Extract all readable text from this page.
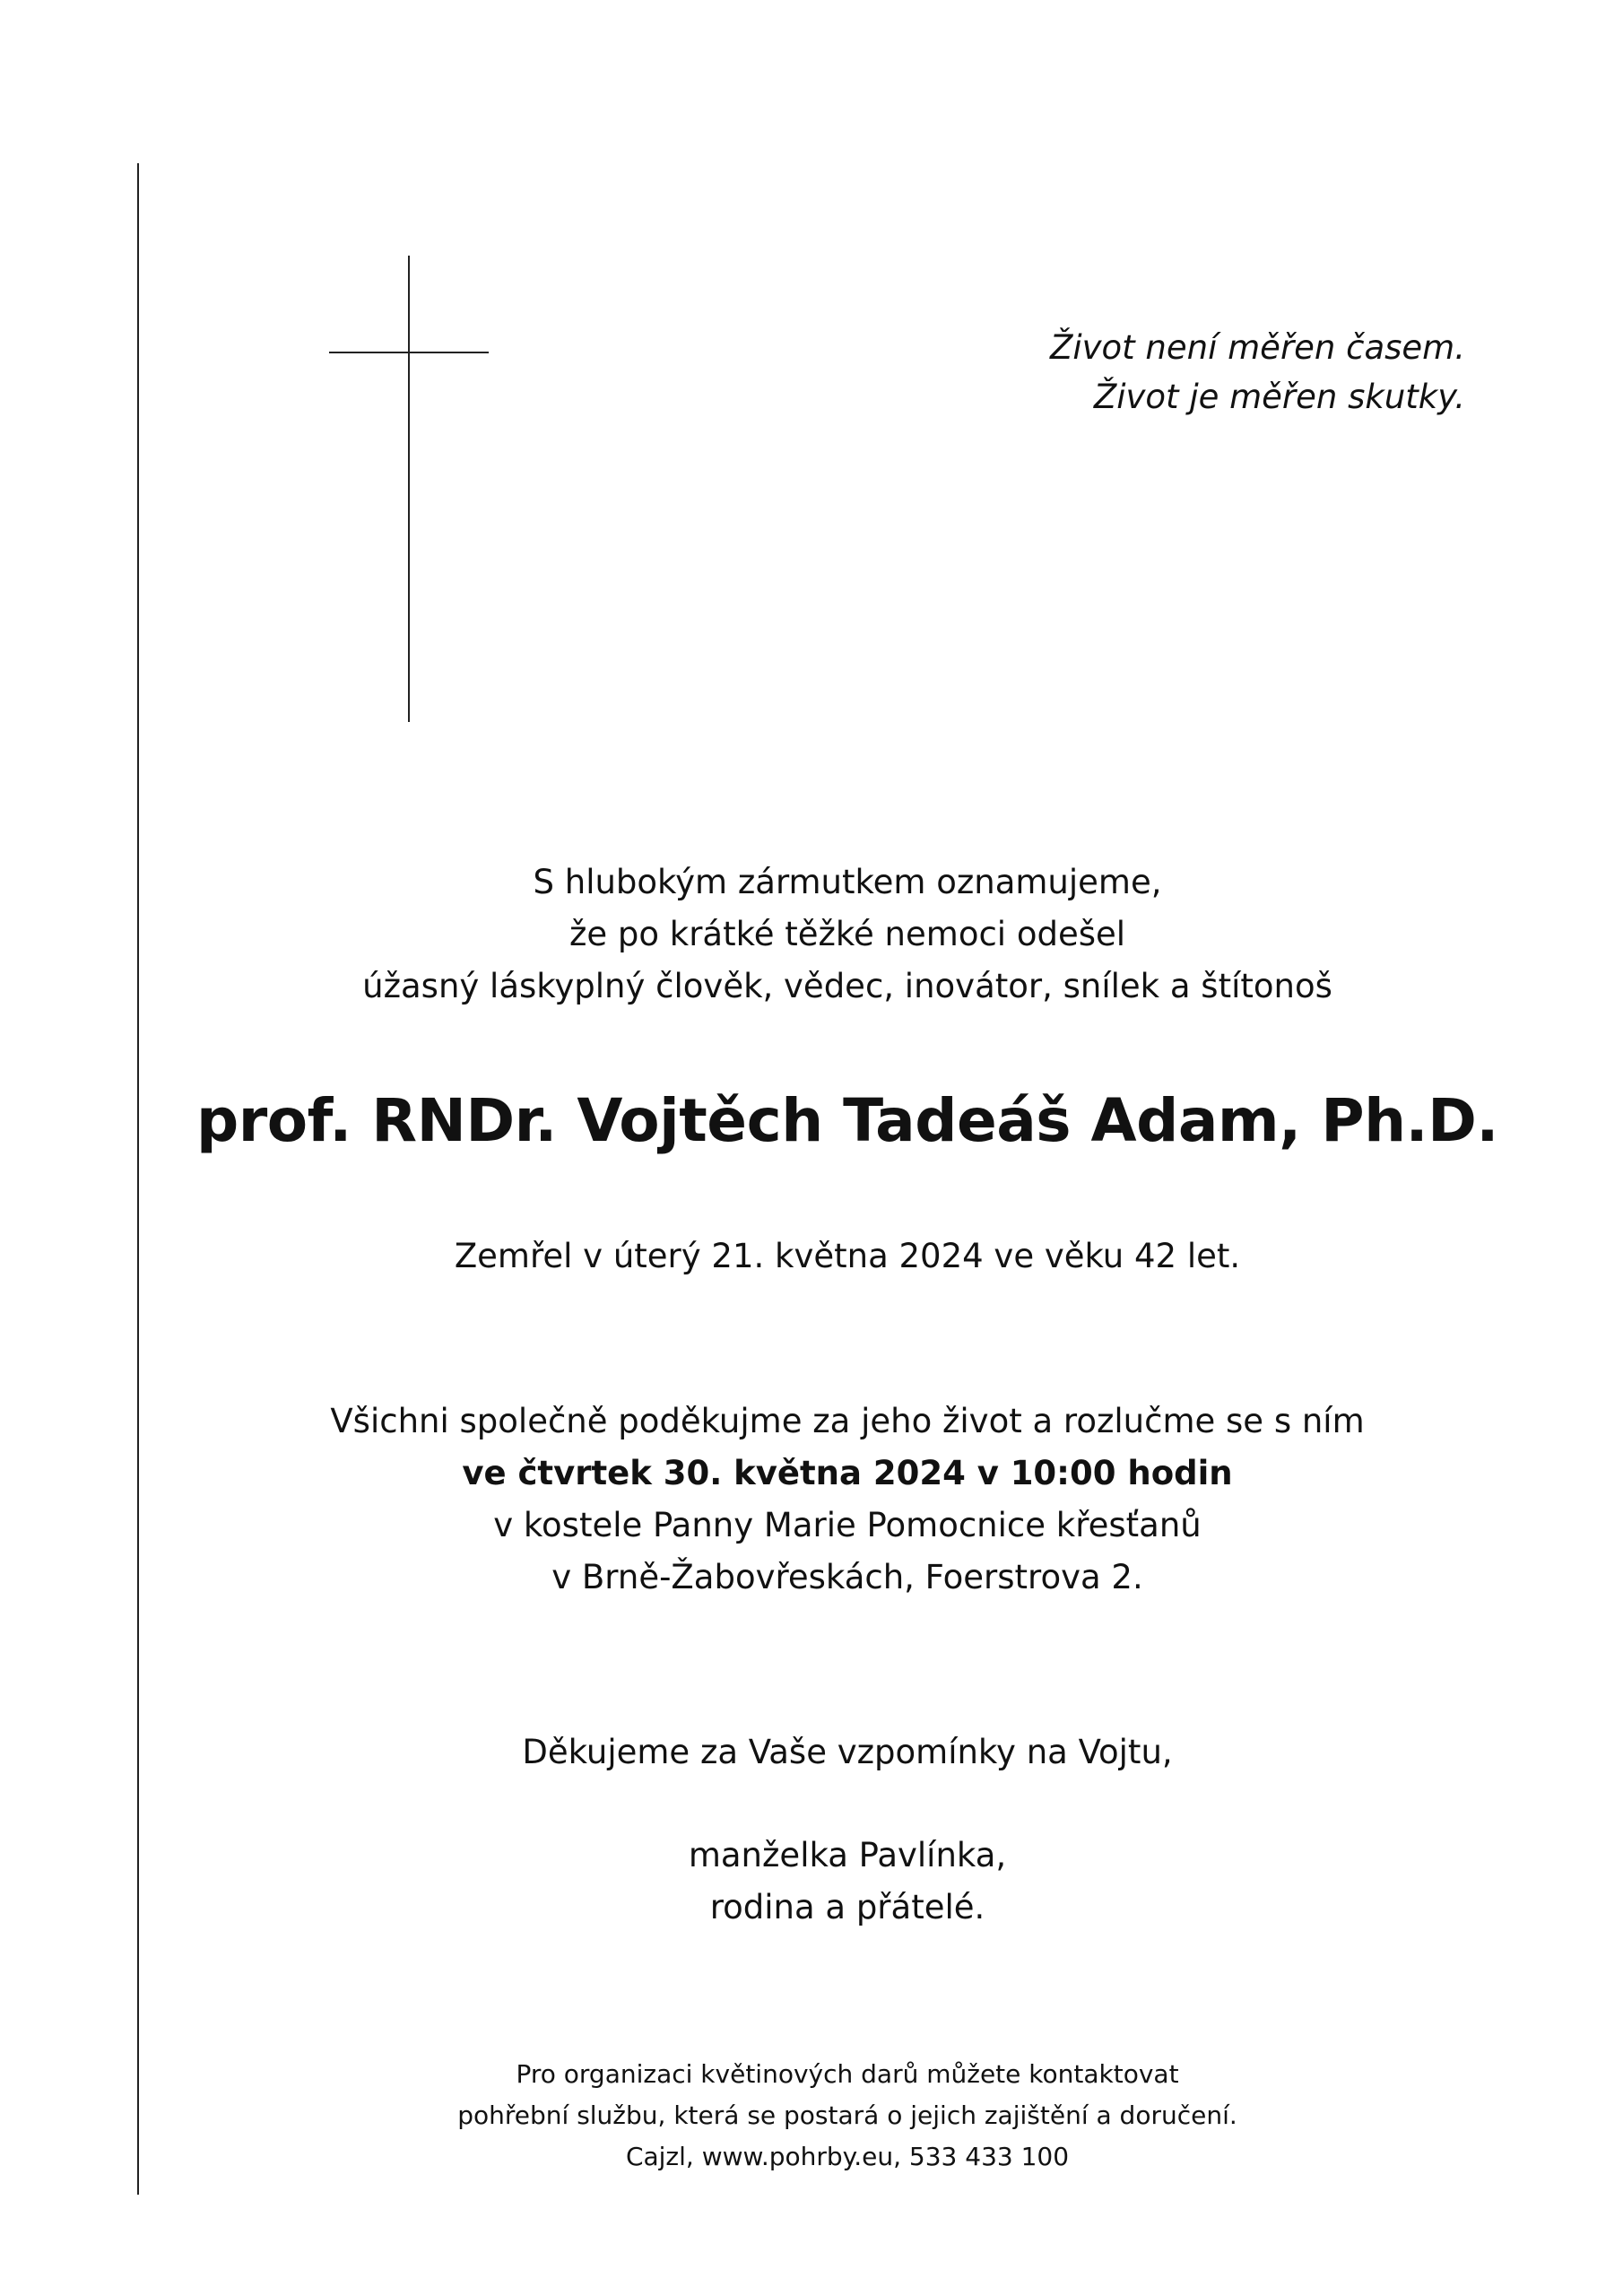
Život není měřen časem.
Život je měřen skutky.
S hlubokým zármutkem oznamujeme,
že po krátké těžké nemoci odešel
úžasný láskyplný člověk, vědec, inovátor, snílek a štítonoš
prof. RNDr. Vojtěch Tadeáš Adam, Ph.D.
Zemřel v úterý 21. května 2024 ve věku 42 let.
Všichni společně poděkujme za jeho život a rozlučme se s ním
ve čtvrtek 30. května 2024 v 10:00 hodin
v kostele Panny Marie Pomocnice křesťanů
v Brně-Žabovřeskách, Foerstrova 2.
Děkujeme za Vaše vzpomínky na Vojtu,
manželka Pavlínka,
rodina a přátelé.
Pro organizaci květinových darů můžete kontaktovat
pohřební službu, která se postará o jejich zajištění a doručení.
Cajzl, www.pohrby.eu, 533 433 100
